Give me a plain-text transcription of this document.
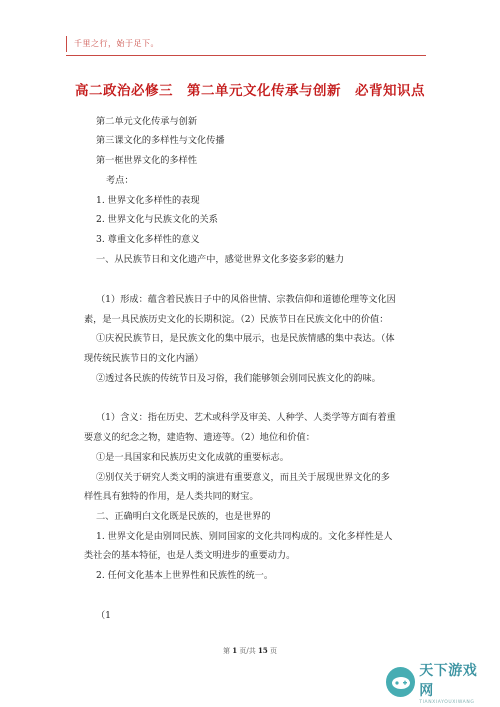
千里之行，始于足下。
高二政治必修三　第二单元文化传承与创新　必背知识点
第二单元文化传承与创新
第三课文化的多样性与文化传播
第一框世界文化的多样性
考点：
1. 世界文化多样性的表现
2. 世界文化与民族文化的关系
3. 尊重文化多样性的意义
一、从民族节日和文化遗产中，感觉世界文化多姿多彩的魅力
（1）形成：蕴含着民族日子中的风俗世情、宗教信仰和道德伦理等文化因
素，是一具民族历史文化的长期积淀。（2）民族节日在民族文化中的价值：
①庆祝民族节日，是民族文化的集中展示，也是民族情感的集中表达。（体
现传统民族节日的文化内涵）
②透过各民族的传统节日及习俗，我们能够领会别同民族文化的韵味。
（1）含义：指在历史、艺术或科学及审美、人种学、人类学等方面有着重
要意义的纪念之物，建造物、遗迹等。（2）地位和价值：
①是一具国家和民族历史文化成就的重要标志。
②别仅关于研究人类文明的演进有重要意义，而且关于展现世界文化的多
样性具有独特的作用，是人类共同的财宝。
二、正确明白文化既是民族的，也是世界的
1. 世界文化是由别同民族、别同国家的文化共同构成的。文化多样性是人
类社会的基本特征，也是人类文明进步的重要动力。
2. 任何文化基本上世界性和民族性的统一。
（1
第 1 页/共 15 页
天下游戏网
TIANXIAYOUXIWANG
